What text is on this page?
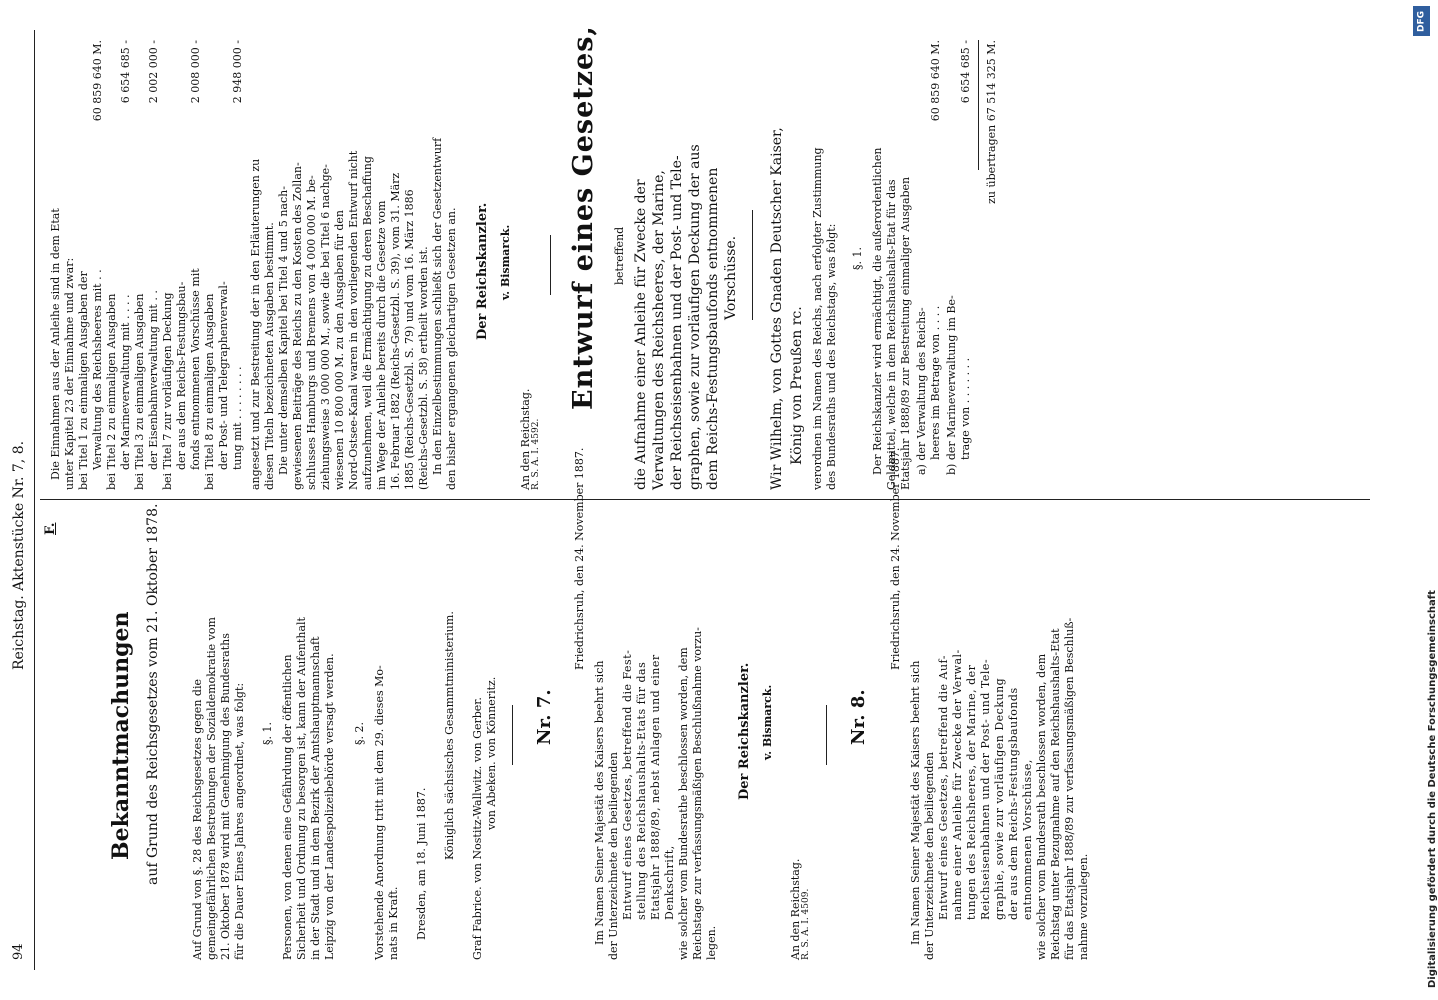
94
Reichstag. Aktenstücke Nr. 7, 8. F.
Bekanntmachungen auf Grund des Reichsgesetzes vom 21. Oktober 1878.	Auf Grund von §. 28 des Reichsgesetzes gegen die gemeingefährlichen Bestrebungen der Sozialdemokratie vom 21. Oktober 1878 wird mit Genehmigung des Bundesraths für die Dauer Eines Jahres angeordnet, was folgt: §. 1. Personen, von denen eine Gefährdung der öffentlichen Sicherheit und Ordnung zu besorgen ist, kann der Aufenthalt in der Stadt und in dem Bezirk der Amtshauptmannschaft Leipzig von der Landespolizeibehörde versagt werden. §. 2. Vorstehende Anordnung tritt mit dem 29. dieses Mo- nats in Kraft. Dresden, am 18. Juni 1887.
Königlich sächsisches Gesammtministerium. Graf Fabrice. von Nostitz-Wallwitz. von Gerber. von Abeken. von Könneritz. Nr. 7.
Friedrichsruh, den 24. November 1887.
Im Namen Seiner Majestät des Kaisers beehrt sich der Unterzeichnete den beiliegenden Entwurf eines Gesetzes, betreffend die Fest- stellung des Reichshaushalts-Etats für das Etatsjahr 1888/89, nebst Anlagen und einer Denkschrift, wie solcher vom Bundesrathe beschlossen worden, dem Reichstage zur verfassungsmäßigen Beschlußnahme vorzu- legen.
Der Reichskanzler. v. Bismarck.
An den Reichstag. R. S. A. I. 4509.
Nr. 8.
Friedrichsruh, den 24. November 1887.
Im Namen Seiner Majestät des Kaisers beehrt sich der Unterzeichnete den beiliegenden Entwurf eines Gesetzes, betreffend die Auf- nahme einer Anleihe für Zwecke der Verwal- tungen des Reichsheeres, der Marine, der Reichseisenbahnen und der Post- und Tele- graphie, sowie zur vorläufigen Deckung der aus dem Reichs-Festungsbaufonds entnommenen Vorschüsse, wie solcher vom Bundesrath beschlossen worden, dem Reichstag unter Bezugnahme auf den Reichshaushalts-Etat für das Etatsjahr 1888/89 zur verfassungsmäßigen Beschluß- nahme vorzulegen.
Die Einnahmen aus der Anleihe sind in dem Etat unter Kapitel 23 der Einnahme und zwar: bei Titel 1 zu einmaligen Ausgaben der Verwaltung des Reichsheeres mit . .
60 859 640 M.
bei Titel 2 zu einmaligen Ausgaben der Marineverwaltung mit . . . .
6 654 685 -
bei Titel 3 zu einmaligen Ausgaben der Eisenbahnverwaltung mit . .
2 002 000 -
bei Titel 7 zur vorläufigen Deckung der aus dem Reichs-Festungsbau- fonds entnommenen Vorschüsse mit
2 008 000 -
bei Titel 8 zu einmaligen Ausgaben der Post- und Telegraphenverwal- tung mit . . . . . . . .
2 948 000 -
angesetzt und zur Bestreitung der in den Erläuterungen zu diesen Titeln bezeichneten Ausgaben bestimmt. Die unter demselben Kapitel bei Titel 4 und 5 nach- gewiesenen Beiträge des Reichs zu den Kosten des Zollan- schlusses Hamburgs und Bremens von 4 000 000 M. be- ziehungsweise 3 000 000 M., sowie die bei Titel 6 nachge- wiesenen 10 800 000 M. zu den Ausgaben für den Nord-Ostsee-Kanal waren in den vorliegenden Entwurf nicht aufzunehmen, weil die Ermächtigung zu deren Beschaffung im Wege der Anleihe bereits durch die Gesetze vom 16. Februar 1882 (Reichs-Gesetzbl. S. 39), vom 31. März 1885 (Reichs-Gesetzbl. S. 79) und vom 16. März 1886 (Reichs-Gesetzbl. S. 58) ertheilt worden ist. In den Einzelbestimmungen schließt sich der Gesetzentwurf den bisher ergangenen gleichartigen Gesetzen an. Der Reichskanzler. v. Bismarck.
An den Reichstag. R. S. A. I. 4592.
Entwurf eines Gesetzes, betreffend die Aufnahme einer Anleihe für Zwecke der Verwaltungen des Reichsheeres, der Marine, der Reichseisenbahnen und der Post- und Tele- graphen, sowie zur vorläufigen Deckung der aus dem Reichs-Festungsbaufonds entnommenen Vorschüsse. Wir Wilhelm, von Gottes Gnaden Deutscher Kaiser, König von Preußen rc. verordnen im Namen des Reichs, nach erfolgter Zustimmung des Bundesraths und des Reichstags, was folgt: §. 1. Der Reichskanzler wird ermächtigt, die außerordentlichen Geldmittel, welche in dem Reichshaushalts-Etat für das Etatsjahr 1888/89 zur Bestreitung einmaliger Ausgaben a) der Verwaltung des Reichs- heeres im Betrage von . . . .
60 859 640 M.
b) der Marineverwaltung im Be- trage von . . . . . . .
6 654 685 - zu übertragen 67 514 325 M.
DFG
Digitalisierung gefördert durch die Deutsche Forschungsgemeinschaft
